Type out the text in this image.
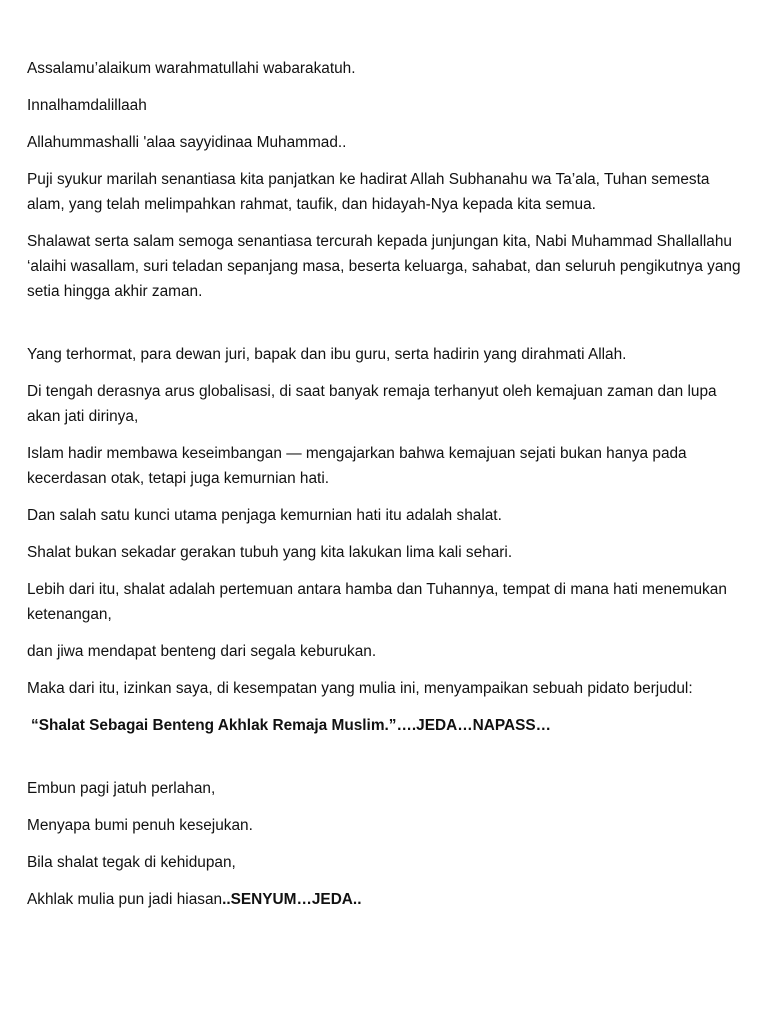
Assalamu’alaikum warahmatullahi wabarakatuh.

Innalhamdalillaah

Allahummashalli 'alaa sayyidinaa Muhammad..

Puji syukur marilah senantiasa kita panjatkan ke hadirat Allah Subhanahu wa Ta’ala, Tuhan semesta alam, yang telah melimpahkan rahmat, taufik, dan hidayah-Nya kepada kita semua.

Shalawat serta salam semoga senantiasa tercurah kepada junjungan kita, Nabi Muhammad Shallallahu ‘alaihi wasallam, suri teladan sepanjang masa, beserta keluarga, sahabat, dan seluruh pengikutnya yang setia hingga akhir zaman.

Yang terhormat, para dewan juri, bapak dan ibu guru, serta hadirin yang dirahmati Allah.

Di tengah derasnya arus globalisasi, di saat banyak remaja terhanyut oleh kemajuan zaman dan lupa akan jati dirinya,

Islam hadir membawa keseimbangan — mengajarkan bahwa kemajuan sejati bukan hanya pada kecerdasan otak, tetapi juga kemurnian hati.

Dan salah satu kunci utama penjaga kemurnian hati itu adalah shalat.

Shalat bukan sekadar gerakan tubuh yang kita lakukan lima kali sehari.

Lebih dari itu, shalat adalah pertemuan antara hamba dan Tuhannya, tempat di mana hati menemukan ketenangan,

dan jiwa mendapat benteng dari segala keburukan.

Maka dari itu, izinkan saya, di kesempatan yang mulia ini, menyampaikan sebuah pidato berjudul:

“Shalat Sebagai Benteng Akhlak Remaja Muslim.”….JEDA…NAPASS…

Embun pagi jatuh perlahan,

Menyapa bumi penuh kesejukan.

Bila shalat tegak di kehidupan,

Akhlak mulia pun jadi hiasan..SENYUM…JEDA..
